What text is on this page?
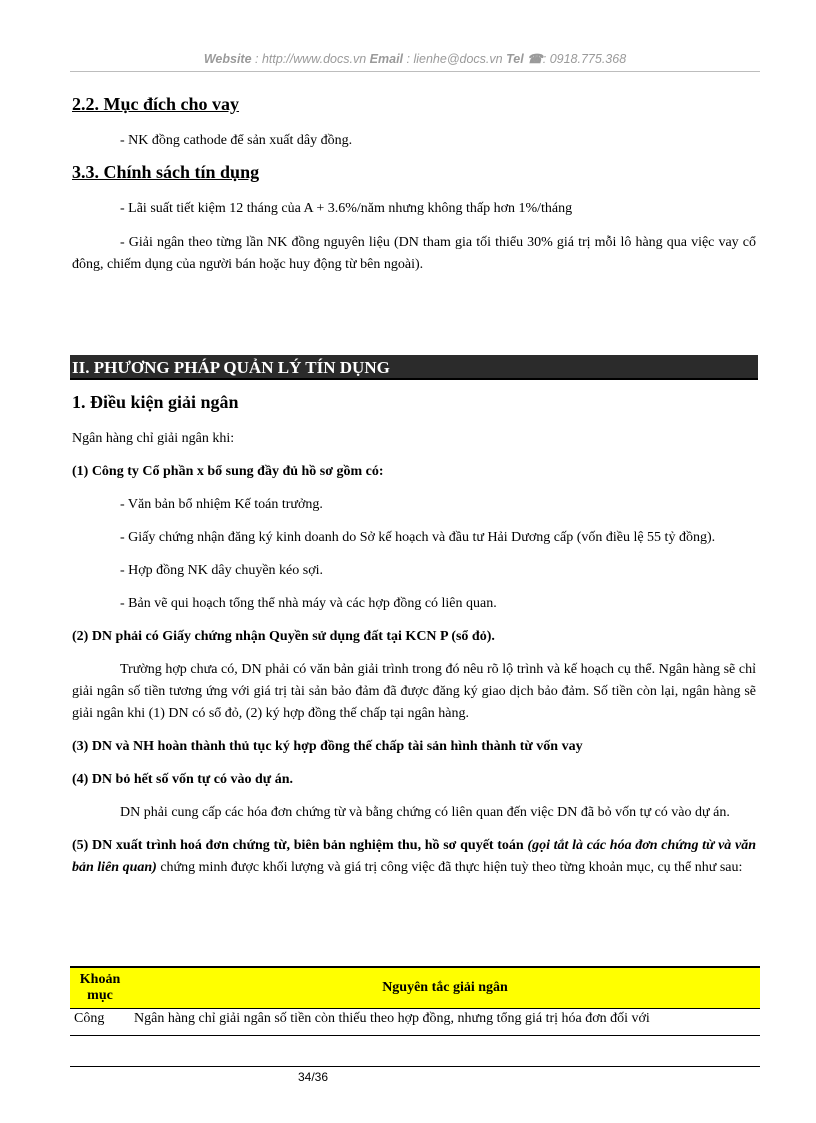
Website : http://www.docs.vn Email : lienhe@docs.vn Tel ☎: 0918.775.368
2.2. Mục đích cho vay

- NK đồng cathode để sản xuất dây đồng.

3.3. Chính sách tín dụng

- Lãi suất tiết kiệm 12 tháng của A + 3.6%/năm nhưng không thấp hơn 1%/tháng

- Giải ngân theo từng lần NK đồng nguyên liệu (DN tham gia tối thiểu 30% giá trị mỗi lô hàng qua việc vay cổ đông, chiếm dụng của người bán hoặc huy động từ bên ngoài).

II. PHƯƠNG PHÁP QUẢN LÝ TÍN DỤNG
1. Điều kiện giải ngân

Ngân hàng chỉ giải ngân khi:

(1) Công ty Cổ phần x bổ sung đầy đủ hồ sơ gồm có:

- Văn bản bổ nhiệm Kế toán trưởng.

- Giấy chứng nhận đăng ký kinh doanh do Sở kế hoạch và đầu tư Hải Dương cấp (vốn điều lệ 55 tỷ đồng).

- Hợp đồng NK dây chuyền kéo sợi.

- Bản vẽ qui hoạch tổng thể nhà máy và các hợp đồng có liên quan.

(2) DN phải có Giấy chứng nhận Quyền sử dụng đất tại KCN P (sổ đỏ).

Trường hợp chưa có, DN phải có văn bản giải trình trong đó nêu rõ lộ trình và kế hoạch cụ thể. Ngân hàng sẽ chỉ giải ngân số tiền tương ứng với giá trị tài sản bảo đảm đã được đăng ký giao dịch bảo đảm. Số tiền còn lại, ngân hàng sẽ giải ngân khi (1) DN có sổ đỏ, (2) ký hợp đồng thế chấp tại ngân hàng.

(3) DN và NH hoàn thành thủ tục ký hợp đồng thế chấp tài sản hình thành từ vốn vay

(4) DN bỏ hết số vốn tự có vào dự án.

DN phải cung cấp các hóa đơn chứng từ và bằng chứng có liên quan đến việc DN đã bỏ vốn tự có vào dự án.

(5) DN xuất trình hoá đơn chứng từ, biên bản nghiệm thu, hồ sơ quyết toán (gọi tắt là các hóa đơn chứng từ và văn bản liên quan) chứng minh được khối lượng và giá trị công việc đã thực hiện tuỳ theo từng khoản mục, cụ thể như sau:

Khoản mục	Nguyên tắc giải ngân
Công	Ngân hàng chỉ giải ngân số tiền còn thiếu theo hợp đồng, nhưng tổng giá trị hóa đơn đối với
34/36
